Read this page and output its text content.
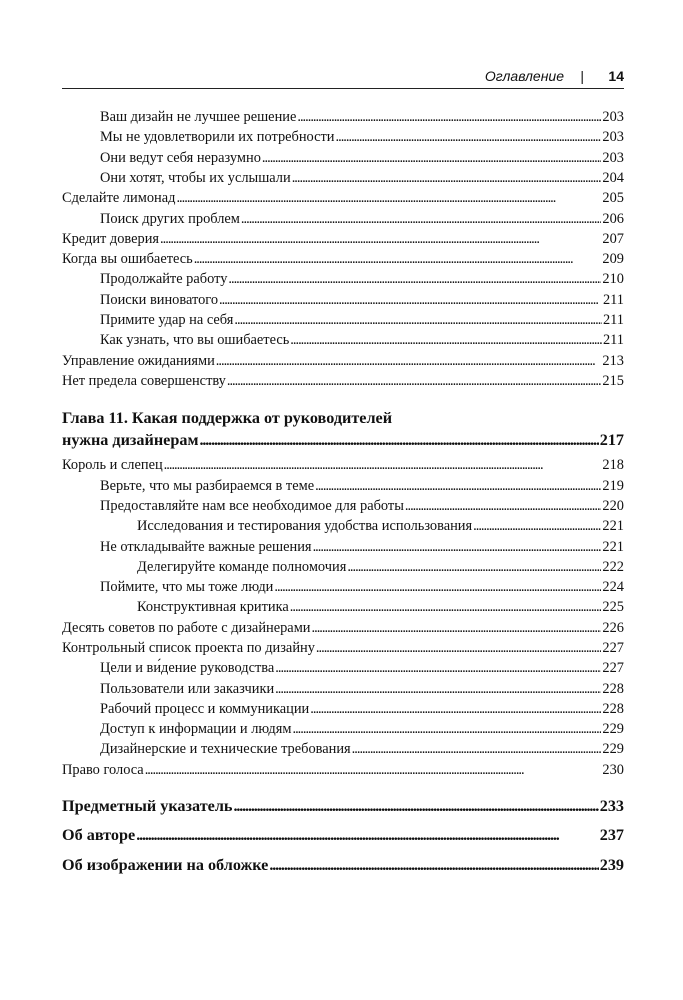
Оглавление | 14
Ваш дизайн не лучшее решение . . .	203
Мы не удовлетворили их потребности . . .	203
Они ведут себя неразумно . . .	203
Они хотят, чтобы их услышали . . .	204
Сделайте лимонад . . .	205
Поиск других проблем . . .	206
Кредит доверия . . .	207
Когда вы ошибаетесь . . .	209
Продолжайте работу . . .	210
Поиски виноватого . . .	211
Примите удар на себя . . .	211
Как узнать, что вы ошибаетесь . . .	211
Управление ожиданиями . . .	213
Нет предела совершенству . . .	215
Глава 11. Какая поддержка от руководителей
нужна дизайнерам . . .	217
Король и слепец . . .	218
Верьте, что мы разбираемся в теме . . .	219
Предоставляйте нам все необходимое для работы . . .	220
Исследования и тестирования удобства использования . . .	221
Не откладывайте важные решения . . .	221
Делегируйте команде полномочия . . .	222
Поймите, что мы тоже люди . . .	224
Конструктивная критика . . .	225
Десять советов по работе с дизайнерами . . .	226
Контрольный список проекта по дизайну . . .	227
Цели и ви́дение руководства . . .	227
Пользователи или заказчики . . .	228
Рабочий процесс и коммуникации . . .	228
Доступ к информации и людям . . .	229
Дизайнерские и технические требования . . .	229
Право голоса . . .	230
Предметный указатель . . .	233
Об авторе . . .	237
Об изображении на обложке . . .	239
